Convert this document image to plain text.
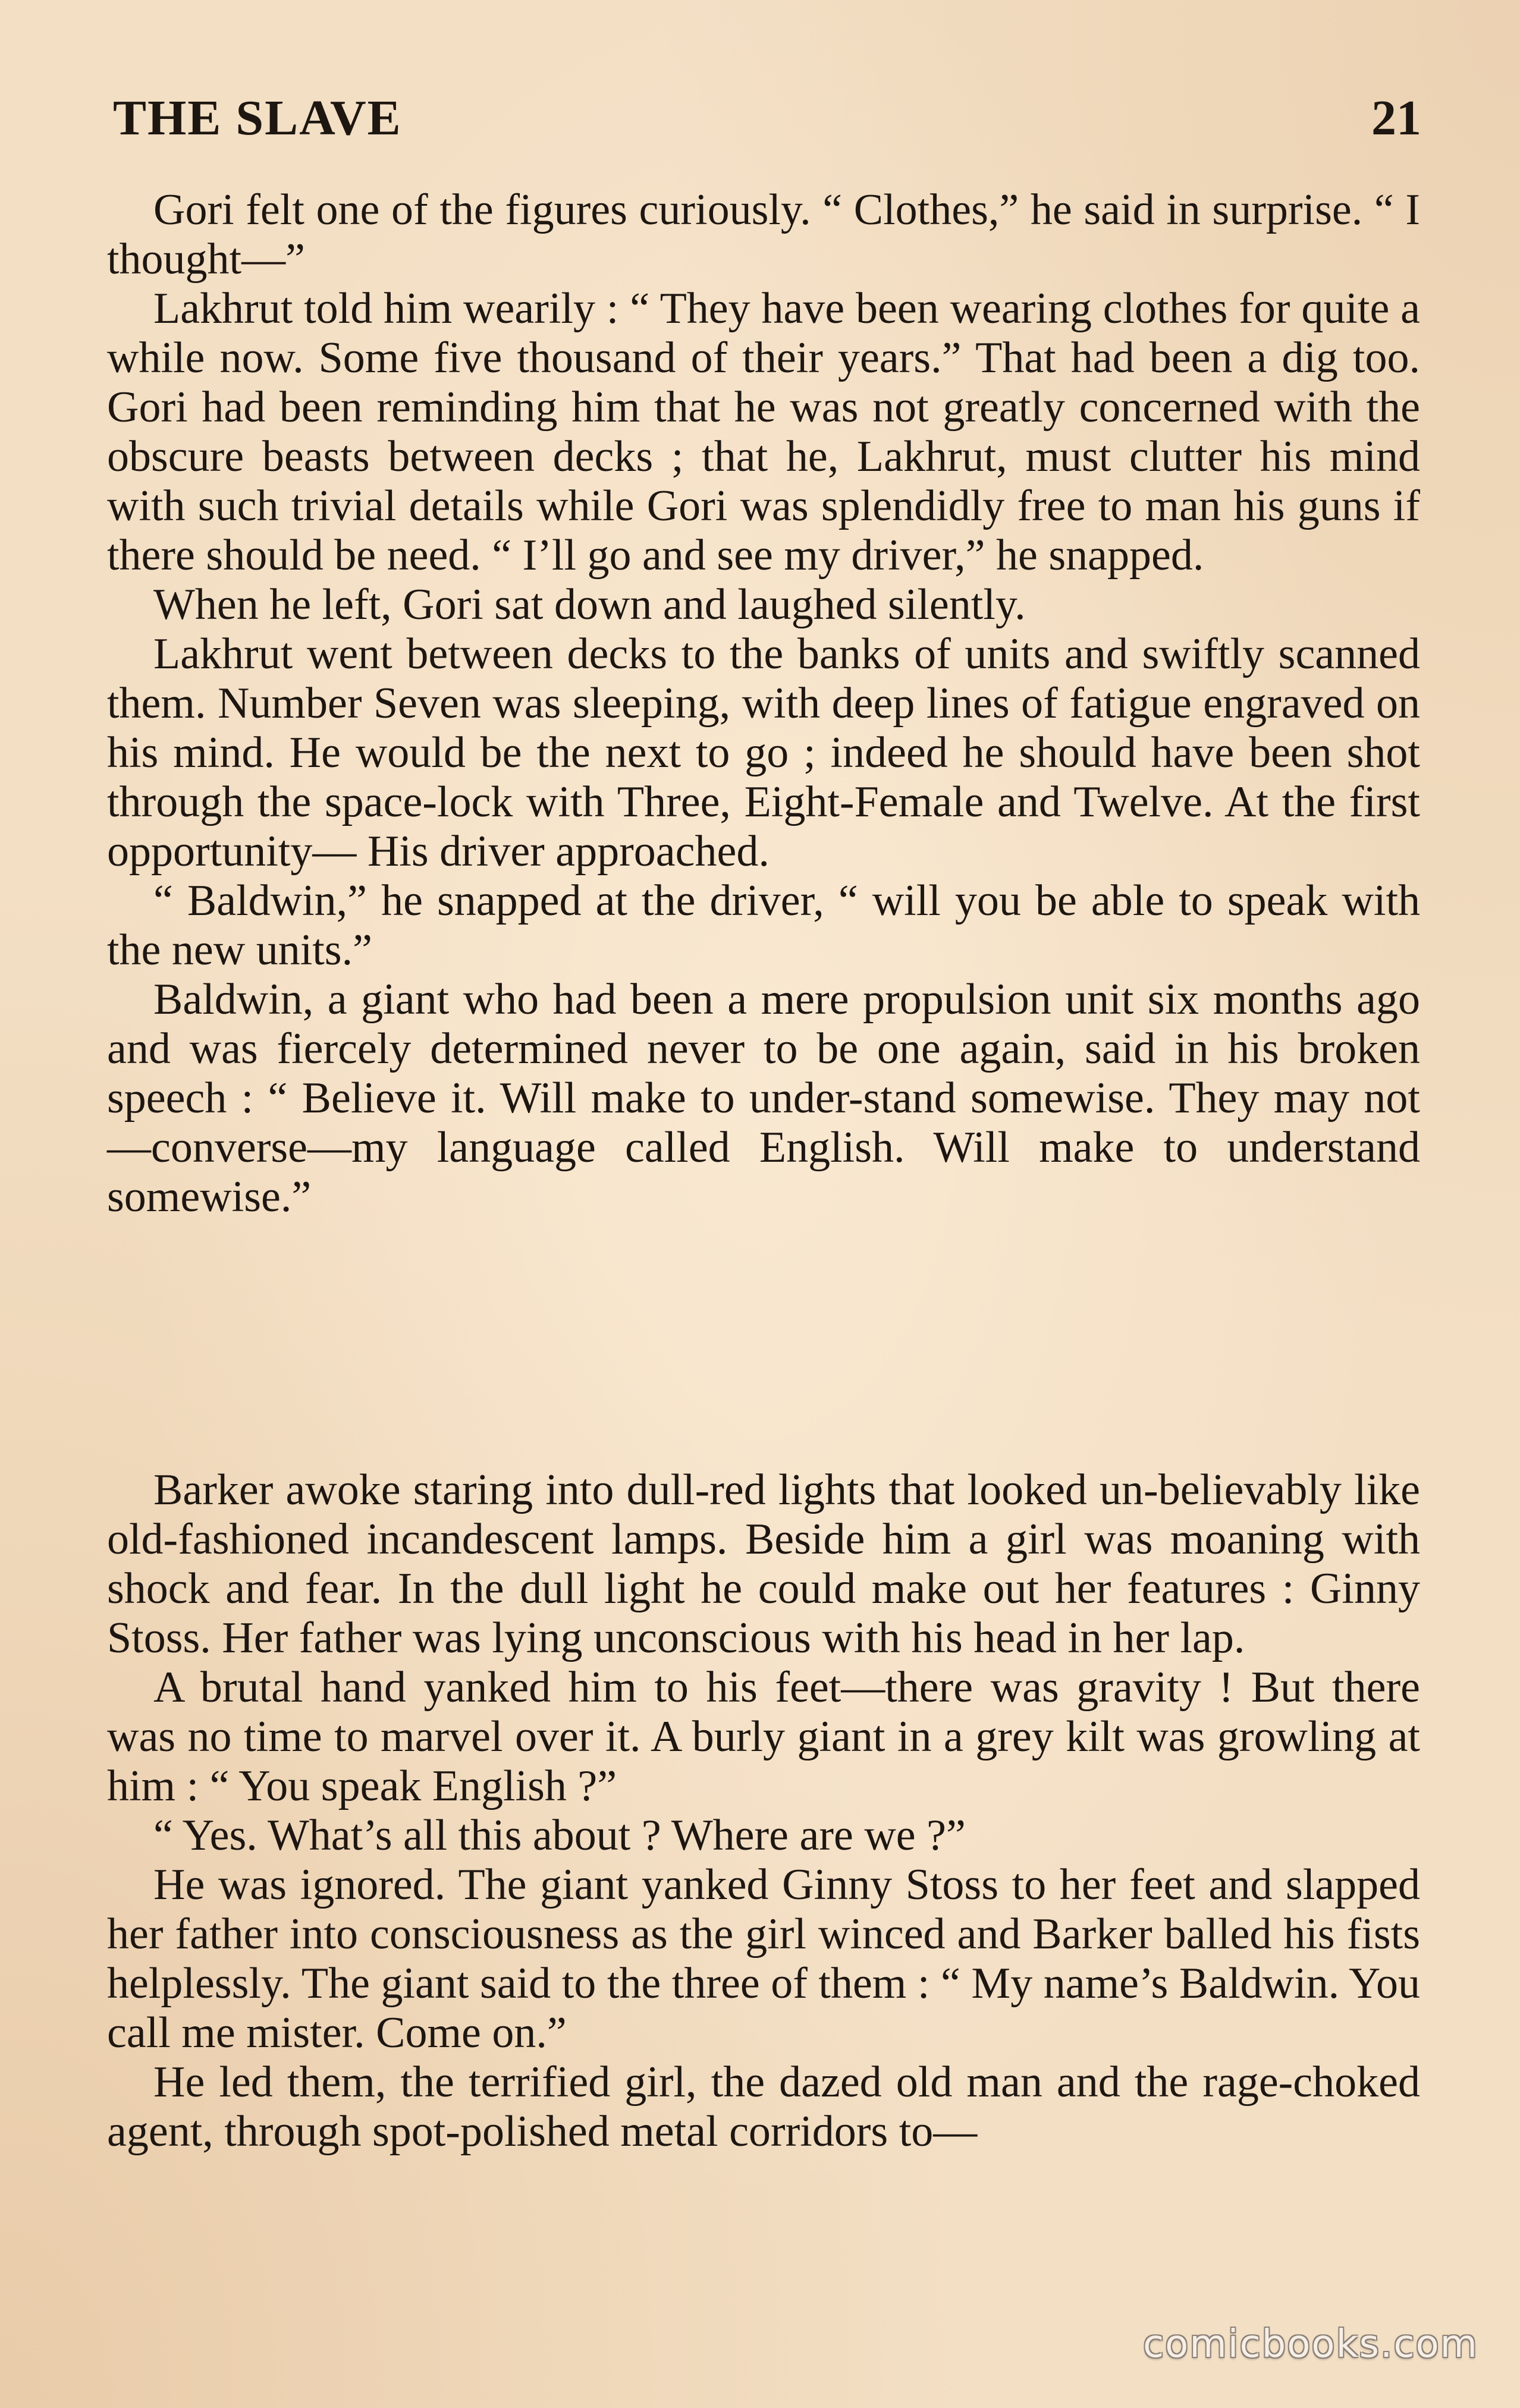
THE SLAVE	21

Gori felt one of the figures curiously. “ Clothes,” he said in surprise. “ I thought—”

Lakhrut told him wearily : “ They have been wearing clothes for quite a while now. Some five thousand of their years.” That had been a dig too. Gori had been reminding him that he was not greatly concerned with the obscure beasts between decks ; that he, Lakhrut, must clutter his mind with such trivial details while Gori was splendidly free to man his guns if there should be need. “ I’ll go and see my driver,” he snapped.

When he left, Gori sat down and laughed silently.

Lakhrut went between decks to the banks of units and swiftly scanned them. Number Seven was sleeping, with deep lines of fatigue engraved on his mind. He would be the next to go ; indeed he should have been shot through the space-lock with Three, Eight-Female and Twelve. At the first opportunity— His driver approached.

“ Baldwin,” he snapped at the driver, “ will you be able to speak with the new units.”

Baldwin, a giant who had been a mere propulsion unit six months ago and was fiercely determined never to be one again, said in his broken speech : “ Believe it. Will make to under-stand somewise. They may not—converse—my language called English. Will make to understand somewise.”

Barker awoke staring into dull-red lights that looked un-believably like old-fashioned incandescent lamps. Beside him a girl was moaning with shock and fear. In the dull light he could make out her features : Ginny Stoss. Her father was lying unconscious with his head in her lap.

A brutal hand yanked him to his feet—there was gravity ! But there was no time to marvel over it. A burly giant in a grey kilt was growling at him : “ You speak English ?”

“ Yes. What’s all this about ? Where are we ?”

He was ignored. The giant yanked Ginny Stoss to her feet and slapped her father into consciousness as the girl winced and Barker balled his fists helplessly. The giant said to the three of them : “ My name’s Baldwin. You call me mister. Come on.”

He led them, the terrified girl, the dazed old man and the rage-choked agent, through spot-polished metal corridors to—

comicbooks.com
